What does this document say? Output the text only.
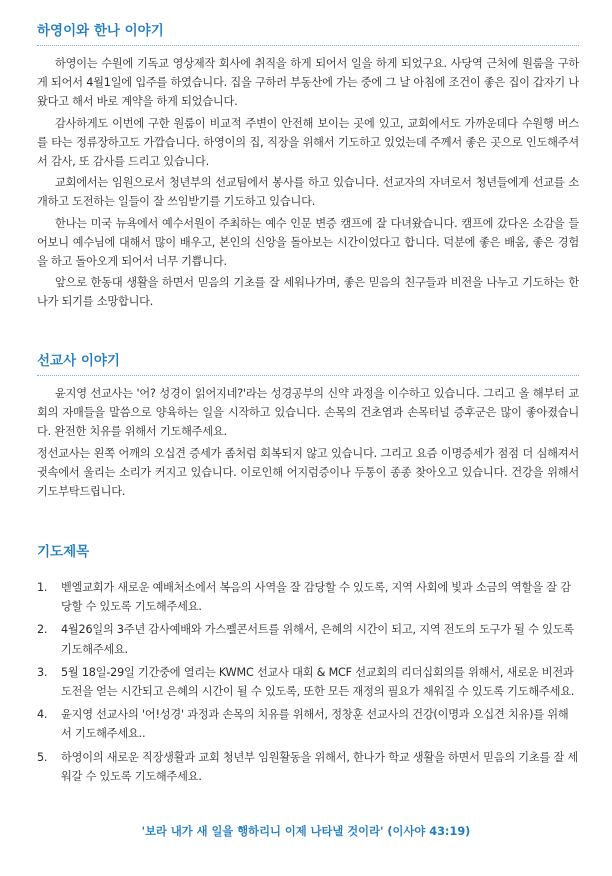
하영이와 한나 이야기

하영이는 수원에 기독교 영상제작 회사에 취직을 하게 되어서 일을 하게 되었구요. 사당역 근처에 원룸을 구하게 되어서 4월1일에 입주를 하였습니다. 집을 구하러 부동산에 가는 중에 그 날 아침에 조건이 좋은 집이 갑자기 나왔다고 해서 바로 계약을 하게 되었습니다.

감사하게도 이번에 구한 원룸이 비교적 주변이 안전해 보이는 곳에 있고, 교회에서도 가까운데다 수원행 버스를 타는 정류장하고도 가깝습니다. 하영이의 집, 직장을 위해서 기도하고 있었는데 주께서 좋은 곳으로 인도해주셔서 감사, 또 감사를 드리고 있습니다.

교회에서는 임원으로서 청년부의 선교팀에서 봉사를 하고 있습니다. 선교자의 자녀로서 청년들에게 선교를 소개하고 도전하는 일들이 잘 쓰임받기를 기도하고 있습니다.

한나는 미국 뉴욕에서 예수서원이 주최하는 예수 인문 변증 캠프에 잘 다녀왔습니다. 캠프에 갔다온 소감을 들어보니 예수님에 대해서 많이 배우고, 본인의 신앙을 돌아보는 시간이었다고 합니다. 덕분에 좋은 배움, 좋은 경험을 하고 돌아오게 되어서 너무 기쁩니다.

앞으로 한동대 생활을 하면서 믿음의 기초를 잘 세워나가며, 좋은 믿음의 친구들과 비전을 나누고 기도하는 한나가 되기를 소망합니다.

선교사 이야기

윤지영 선교사는 '어? 성경이 읽어지네?'라는 성경공부의 신약 과정을 이수하고 있습니다. 그리고 올 해부터 교회의 자매들을 말씀으로 양육하는 일을 시작하고 있습니다. 손목의 건초염과 손목터널 증후군은 많이 좋아졌습니다. 완전한 치유를 위해서 기도해주세요.

정선교사는 왼쪽 어깨의 오십견 증세가 좀처럼 회복되지 않고 있습니다. 그리고 요즘 이명증세가 점점 더 심해져서 귓속에서 울리는 소리가 커지고 있습니다. 이로인해 어지럼증이나 두통이 종종 찾아오고 있습니다. 건강을 위해서 기도부탁드립니다.

기도제목
1. 벧엘교회가 새로운 예배처소에서 복음의 사역을 잘 감당할 수 있도록, 지역 사회에 빛과 소금의 역할을 잘 감당할 수 있도록 기도해주세요.
2. 4월26일의 3주년 감사예배와 가스펠콘서트를 위해서, 은혜의 시간이 되고, 지역 전도의 도구가 될 수 있도록 기도해주세요.
3. 5월 18일-29일 기간중에 열리는 KWMC 선교사 대회 & MCF 선교회의 리더십회의를 위해서, 새로운 비전과 도전을 얻는 시간되고 은혜의 시간이 될 수 있도록, 또한 모든 재정의 필요가 채워질 수 있도록 기도해주세요.
4. 윤지영 선교사의 '어!성경' 과정과 손목의 치유를 위해서, 정창훈 선교사의 건강(이명과 오십견 치유)를 위해서 기도해주세요..
5. 하영이의 새로운 직장생활과 교회 청년부 임원활동을 위해서, 한나가 학교 생활을 하면서 믿음의 기초를 잘 세워갈 수 있도록 기도해주세요.
'보라 내가 새 일을 행하리니 이제 나타낼 것이라' (이사야 43:19)
